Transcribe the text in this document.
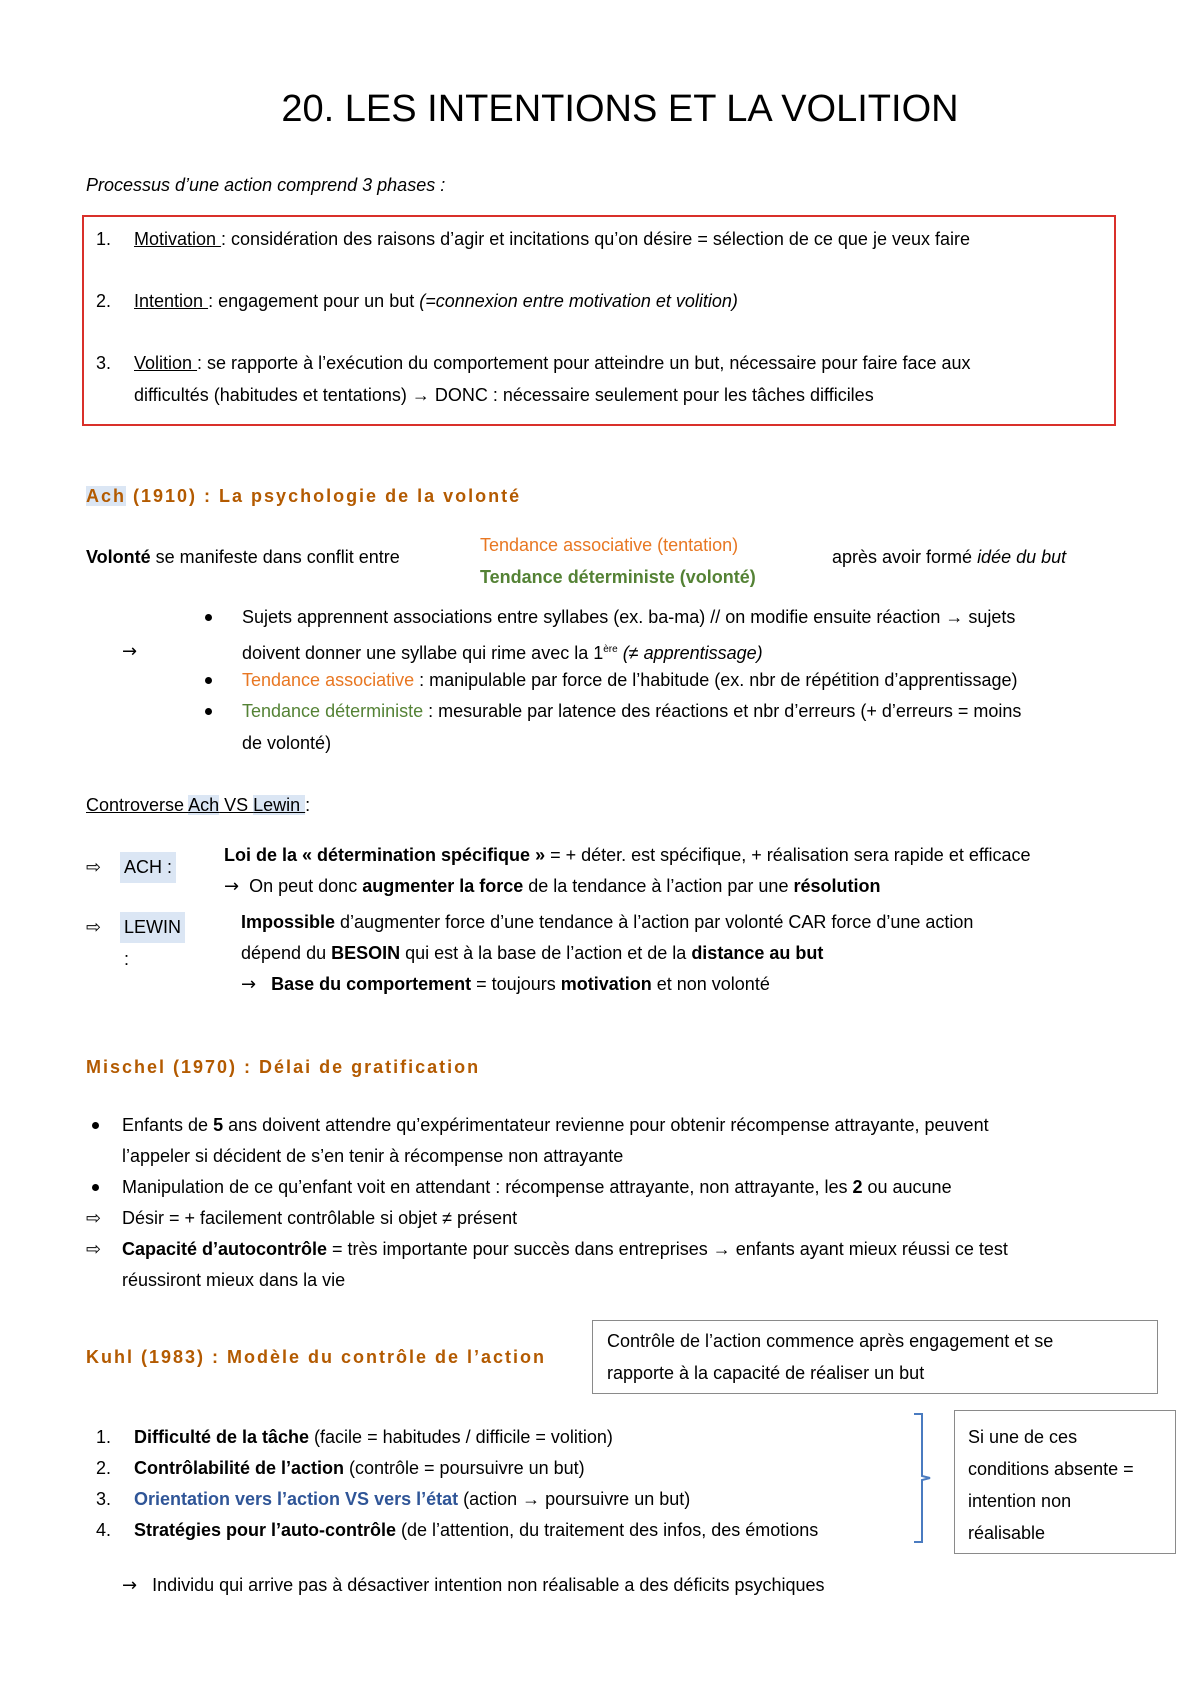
20. LES INTENTIONS ET LA VOLITION
Processus d’une action comprend 3 phases :
1. Motivation : considération des raisons d’agir et incitations qu’on désire = sélection de ce que je veux faire
2. Intention : engagement pour un but (=connexion entre motivation et volition)
3. Volition : se rapporte à l’exécution du comportement pour atteindre un but, nécessaire pour faire face aux
difficultés (habitudes et tentations) → DONC : nécessaire seulement pour les tâches difficiles
Ach (1910) : La psychologie de la volonté
Volonté se manifeste dans conflit entre
Tendance associative (tentation)
Tendance déterministe (volonté)
après avoir formé idée du but
→
Sujets apprennent associations entre syllabes (ex. ba-ma) // on modifie ensuite réaction → sujets
doivent donner une syllabe qui rime avec la 1ère (≠ apprentissage)
Tendance associative : manipulable par force de l’habitude (ex. nbr de répétition d’apprentissage)
Tendance déterministe : mesurable par latence des réactions et nbr d’erreurs (+ d’erreurs = moins
de volonté)
Controverse Ach VS Lewin :
⇨ ACH :
Loi de la « détermination spécifique » = + déter. est spécifique, + réalisation sera rapide et efficace
→ On peut donc augmenter la force de la tendance à l’action par une résolution
⇨ LEWIN
:
Impossible d’augmenter force d’une tendance à l’action par volonté CAR force d’une action
dépend du BESOIN qui est à la base de l’action et de la distance au but
→ Base du comportement = toujours motivation et non volonté
Mischel (1970) : Délai de gratification
Enfants de 5 ans doivent attendre qu’expérimentateur revienne pour obtenir récompense attrayante, peuvent
l’appeler si décident de s’en tenir à récompense non attrayante
Manipulation de ce qu’enfant voit en attendant : récompense attrayante, non attrayante, les 2 ou aucune
⇨ Désir = + facilement contrôlable si objet ≠ présent
⇨ Capacité d’autocontrôle = très importante pour succès dans entreprises → enfants ayant mieux réussi ce test
réussiront mieux dans la vie
Kuhl (1983) : Modèle du contrôle de l’action
Contrôle de l’action commence après engagement et se
rapporte à la capacité de réaliser un but
1. Difficulté de la tâche (facile = habitudes / difficile = volition)
2. Contrôlabilité de l’action (contrôle = poursuivre un but)
3. Orientation vers l’action VS vers l’état (action → poursuivre un but)
4. Stratégies pour l’auto-contrôle (de l’attention, du traitement des infos, des émotions
Si une de ces
conditions absente =
intention non
réalisable
→ Individu qui arrive pas à désactiver intention non réalisable a des déficits psychiques
